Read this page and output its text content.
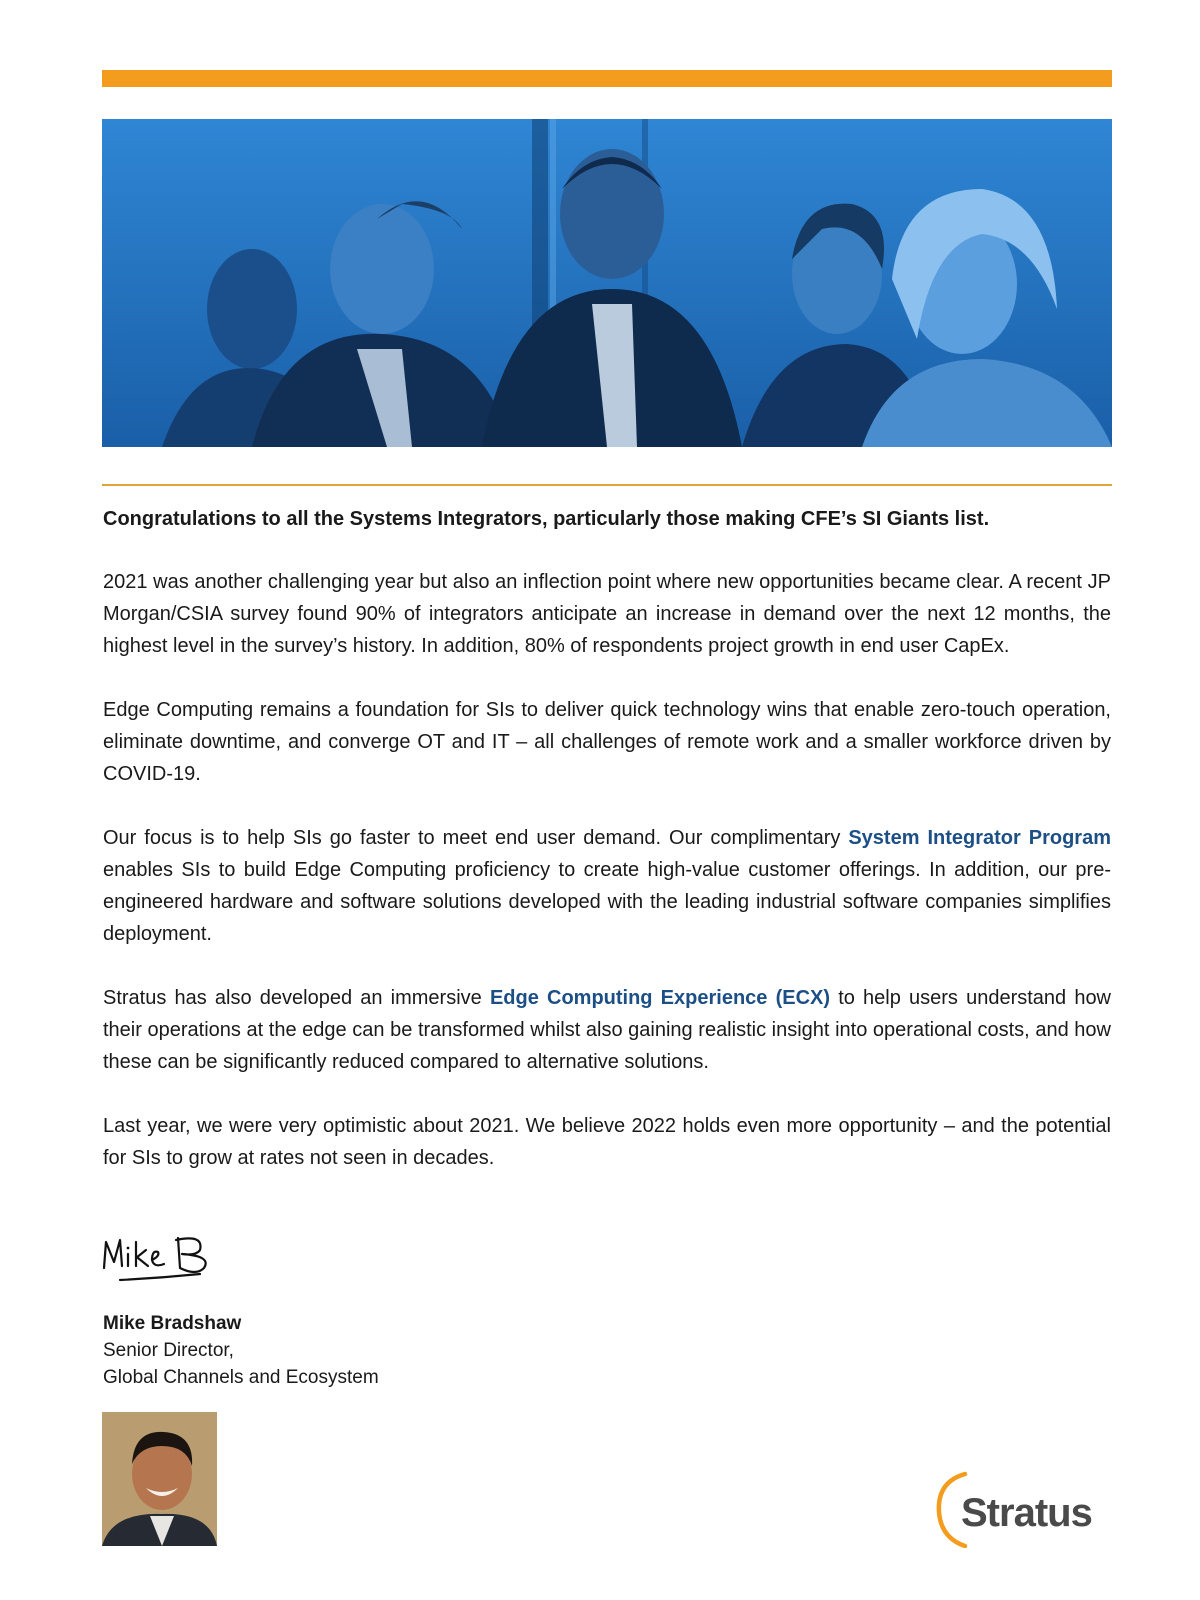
Congratulations to all the Systems Integrators, particularly those making CFE’s SI Giants list.

2021 was another challenging year but also an inflection point where new opportunities became clear. A recent JP Morgan/CSIA survey found 90% of integrators anticipate an increase in demand over the next 12 months, the highest level in the survey’s history. In addition, 80% of respondents project growth in end user CapEx.

Edge Computing remains a foundation for SIs to deliver quick technology wins that enable zero-touch operation, eliminate downtime, and converge OT and IT – all challenges of remote work and a smaller workforce driven by COVID-19.

Our focus is to help SIs go faster to meet end user demand. Our complimentary System Integrator Program enables SIs to build Edge Computing proficiency to create high-value customer offerings. In addition, our pre-engineered hardware and software solutions developed with the leading industrial software companies simplifies deployment.

Stratus has also developed an immersive Edge Computing Experience (ECX) to help users understand how their operations at the edge can be transformed whilst also gaining realistic insight into operational costs, and how these can be significantly reduced compared to alternative solutions.

Last year, we were very optimistic about 2021. We believe 2022 holds even more opportunity – and the potential for SIs to grow at rates not seen in decades.

Mike Bradshaw
Senior Director,
Global Channels and Ecosystem
Stratus
